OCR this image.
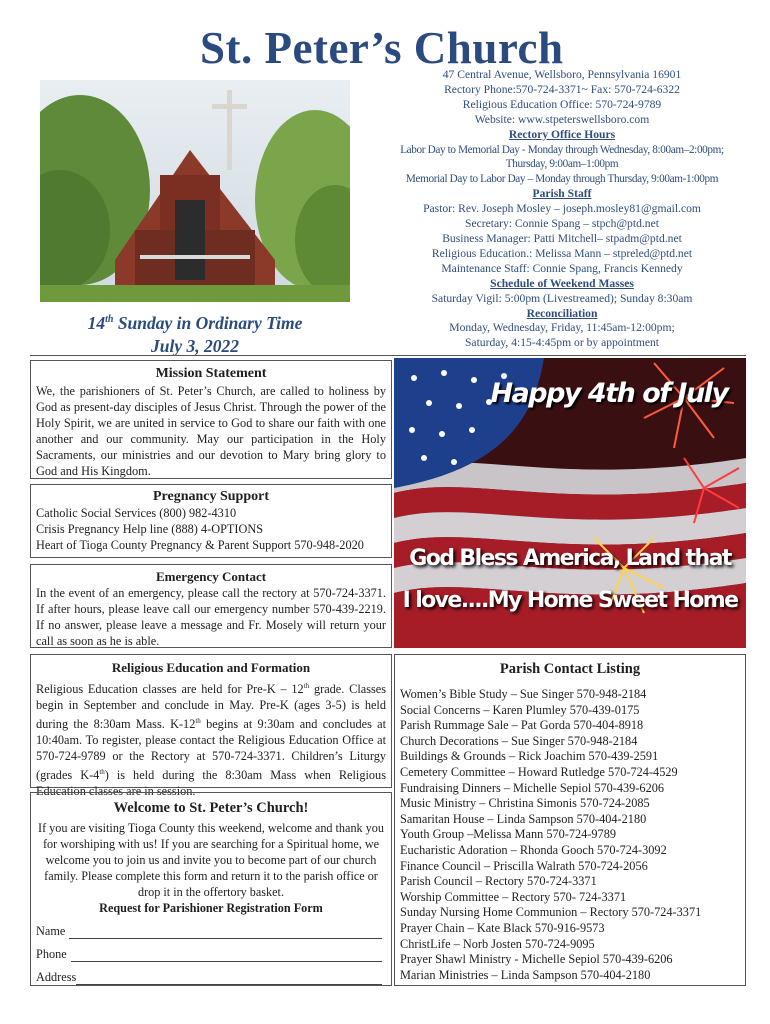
St. Peter’s Church
14th Sunday in Ordinary Time
July 3, 2022
47 Central Avenue, Wellsboro, Pennsylvania 16901
Rectory Phone:570-724-3371~ Fax: 570-724-6322
Religious Education Office: 570-724-9789
Website: www.stpeterswellsboro.com
Rectory Office Hours
Labor Day to Memorial Day - Monday through Wednesday, 8:00am–2:00pm;
Thursday, 9:00am–1:00pm
Memorial Day to Labor Day – Monday through Thursday, 9:00am-1:00pm
Parish Staff
Pastor: Rev. Joseph Mosley – joseph.mosley81@gmail.com
Secretary: Connie Spang – stpch@ptd.net
Business Manager: Patti Mitchell– stpadm@ptd.net
Religious Education.: Melissa Mann – stpreled@ptd.net
Maintenance Staff: Connie Spang, Francis Kennedy
Schedule of Weekend Masses
Saturday Vigil: 5:00pm (Livestreamed); Sunday 8:30am
Reconciliation
Monday, Wednesday, Friday, 11:45am-12:00pm;
Saturday, 4:15-4:45pm or by appointment
Mission Statement
We, the parishioners of St. Peter’s Church, are called to holiness by God as present-day disciples of Jesus Christ. Through the power of the Holy Spirit, we are united in service to God to share our faith with one another and our community. May our participation in the Holy Sacraments, our ministries and our devotion to Mary bring glory to God and His Kingdom.
Pregnancy Support
Catholic Social Services (800) 982-4310
Crisis Pregnancy Help line (888) 4-OPTIONS
Heart of Tioga County Pregnancy & Parent Support 570-948-2020
Emergency Contact
In the event of an emergency, please call the rectory at 570-724-3371. If after hours, please leave call our emergency number 570-439-2219. If no answer, please leave a message and Fr. Mosely will return your call as soon as he is able.
Religious Education and Formation
Religious Education classes are held for Pre-K – 12th grade. Classes begin in September and conclude in May. Pre-K (ages 3-5) is held during the 8:30am Mass. K-12th begins at 9:30am and concludes at 10:40am. To register, please contact the Religious Education Office at 570-724-9789 or the Rectory at 570-724-3371. Children’s Liturgy (grades K-4th) is held during the 8:30am Mass when Religious Education classes are in session.
Welcome to St. Peter’s Church!
If you are visiting Tioga County this weekend, welcome and thank you for worshiping with us! If you are searching for a Spiritual home, we welcome you to join us and invite you to become part of our church family. Please complete this form and return it to the parish office or drop it in the offertory basket.
Request for Parishioner Registration Form
Name
Phone
Address
Happy 4th of July
God Bless America, Land that
I love....My Home Sweet Home
Parish Contact Listing
Women’s Bible Study – Sue Singer 570-948-2184
Social Concerns – Karen Plumley 570-439-0175
Parish Rummage Sale – Pat Gorda 570-404-8918
Church Decorations – Sue Singer 570-948-2184
Buildings & Grounds – Rick Joachim 570-439-2591
Cemetery Committee – Howard Rutledge 570-724-4529
Fundraising Dinners – Michelle Sepiol 570-439-6206
Music Ministry – Christina Simonis 570-724-2085
Samaritan House – Linda Sampson 570-404-2180
Youth Group –Melissa Mann 570-724-9789
Eucharistic Adoration – Rhonda Gooch 570-724-3092
Finance Council – Priscilla Walrath 570-724-2056
Parish Council – Rectory 570-724-3371
Worship Committee – Rectory 570- 724-3371
Sunday Nursing Home Communion – Rectory 570-724-3371
Prayer Chain – Kate Black 570-916-9573
ChristLife – Norb Josten 570-724-9095
Prayer Shawl Ministry - Michelle Sepiol 570-439-6206
Marian Ministries – Linda Sampson 570-404-2180
